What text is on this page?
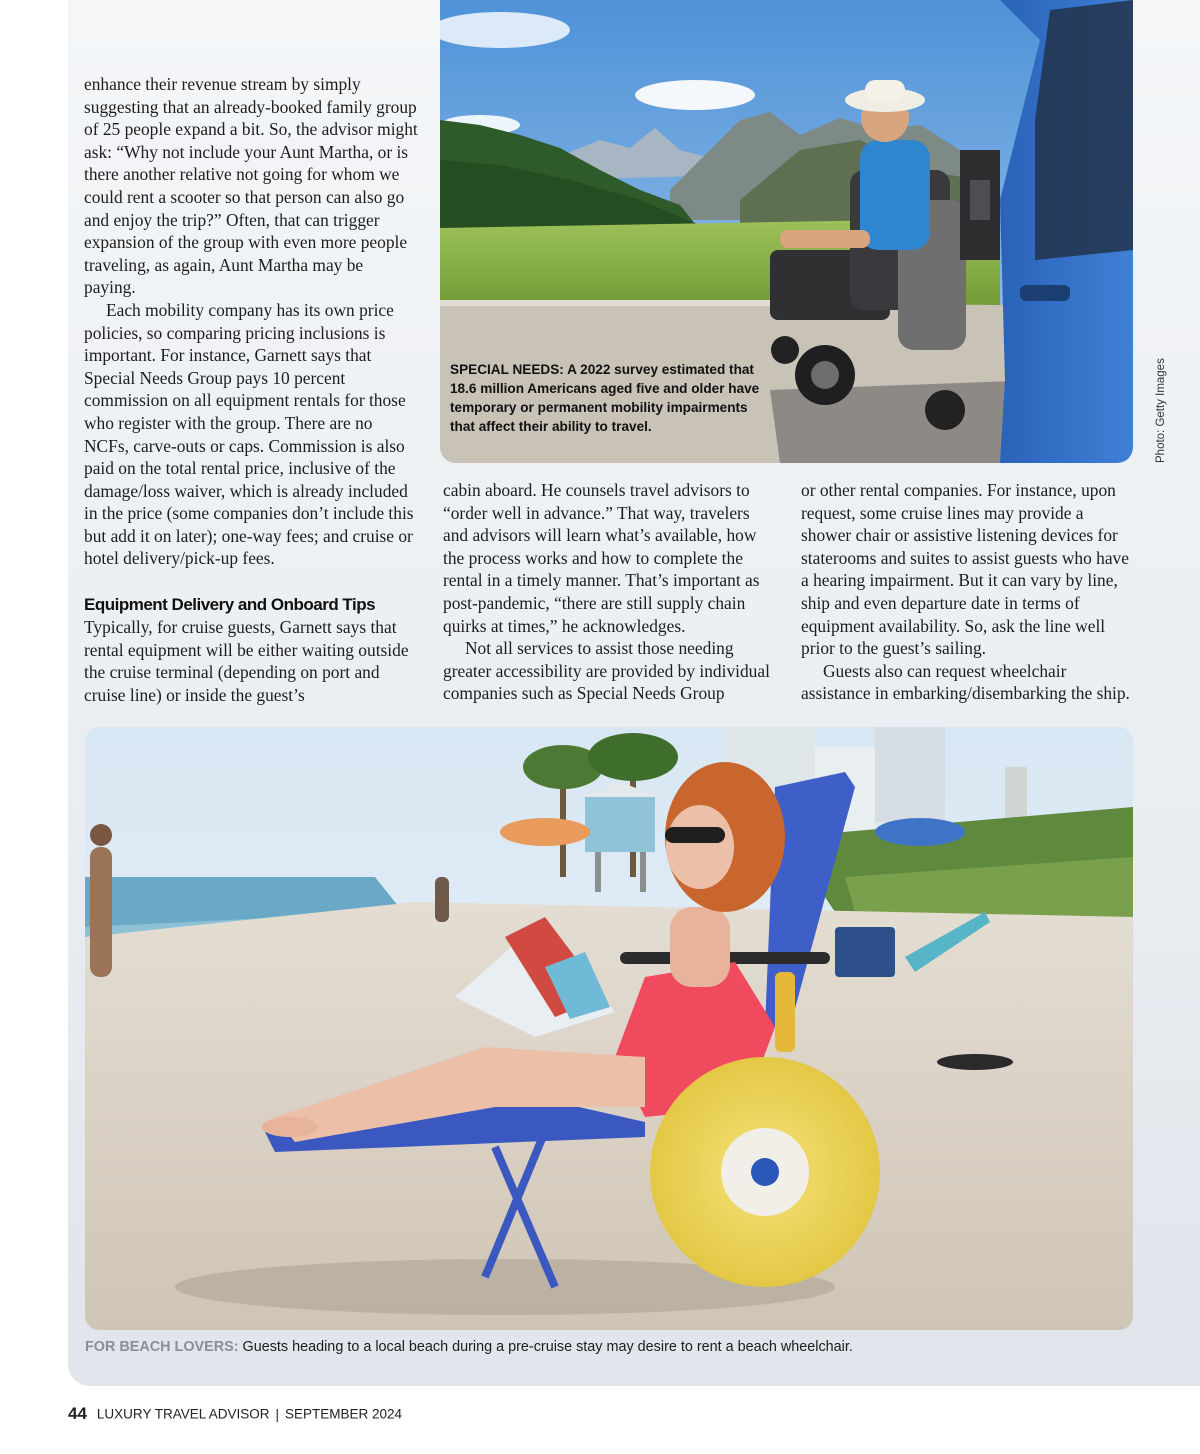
enhance their revenue stream by simply suggesting that an already-booked family group of 25 people expand a bit. So, the advisor might ask: “Why not include your Aunt Martha, or is there another relative not going for whom we could rent a scooter so that person can also go and enjoy the trip?” Often, that can trigger expansion of the group with even more people traveling, as again, Aunt Martha may be paying.

Each mobility company has its own price policies, so comparing pricing inclusions is important. For instance, Garnett says that Special Needs Group pays 10 percent commission on all equipment rentals for those who register with the group. There are no NCFs, carve-outs or caps. Commission is also paid on the total rental price, inclusive of the damage/loss waiver, which is already included in the price (some companies don’t include this but add it on later); one-way fees; and cruise or hotel delivery/pick-up fees.

Equipment Delivery and Onboard Tips

Typically, for cruise guests, Garnett says that rental equipment will be either waiting outside the cruise terminal (depending on port and cruise line) or inside the guest’s

cabin aboard. He counsels travel advisors to “order well in advance.” That way, travelers and advisors will learn what’s available, how the process works and how to complete the rental in a timely manner. That’s important as post-pandemic, “there are still supply chain quirks at times,” he acknowledges.

Not all services to assist those needing greater accessibility are provided by individual companies such as Special Needs Group

or other rental companies. For instance, upon request, some cruise lines may provide a shower chair or assistive listening devices for staterooms and suites to assist guests who have a hearing impairment. But it can vary by line, ship and even departure date in terms of equipment availability. So, ask the line well prior to the guest’s sailing.

Guests also can request wheelchair assistance in embarking/disembarking the ship.

SPECIAL NEEDS: A 2022 survey estimated that 18.6 million Americans aged five and older have temporary or permanent mobility impairments that affect their ability to travel.	Photo: Getty Images
FOR BEACH LOVERS: Guests heading to a local beach during a pre-cruise stay may desire to rent a beach wheelchair.
44 LUXURY TRAVEL ADVISOR | SEPTEMBER 2024
